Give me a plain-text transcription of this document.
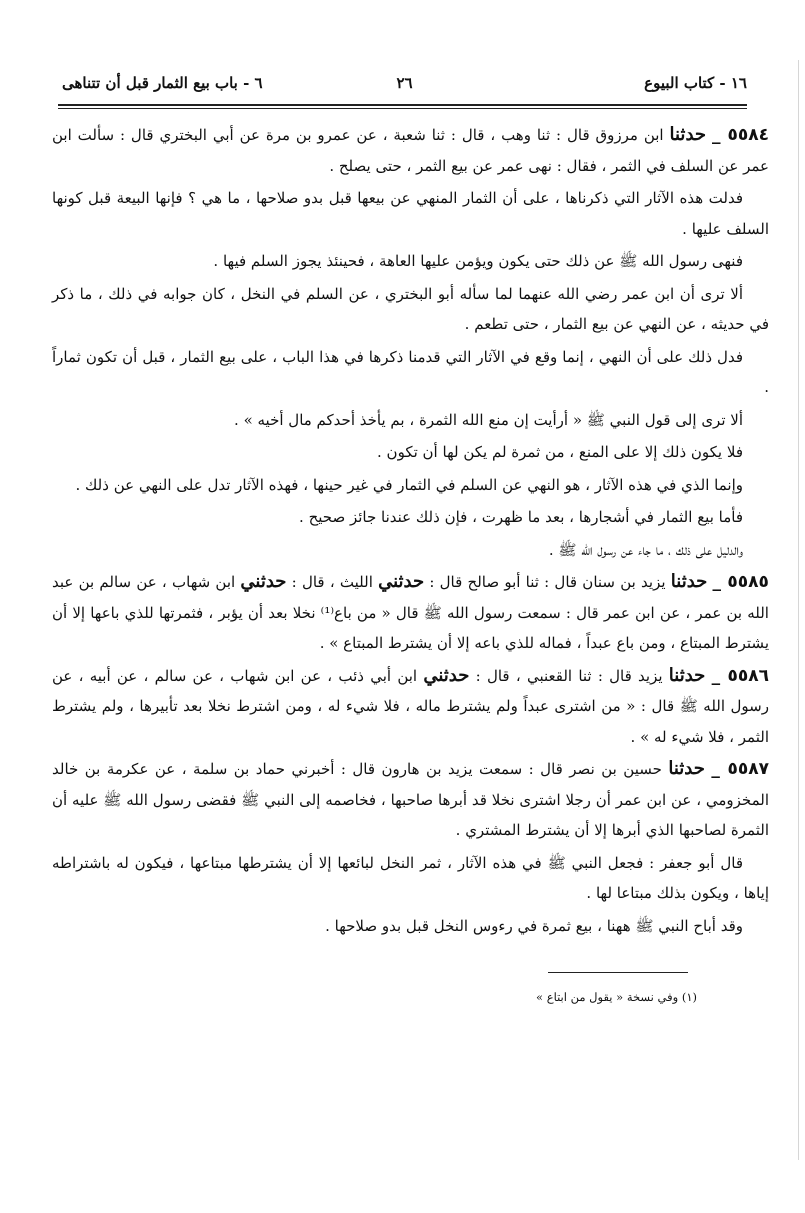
١٦ - كتاب البيوع
٢٦
٦ - باب بيع الثمار قبل أن تتناهى

٥٥٨٤ _ حدثنا ابن مرزوق قال : ثنا وهب ، قال : ثنا شعبة ، عن عمرو بن مرة عن أبي البختري قال : سألت ابن عمر عن السلف في الثمر ، فقال : نهى عمر عن بيع الثمر ، حتى يصلح .

فدلت هذه الآثار التي ذكرناها ، على أن الثمار المنهي عن بيعها قبل بدو صلاحها ، ما هي ؟ فإنها البيعة قبل كونها السلف عليها .

فنهى رسول الله ﷺ عن ذلك حتى يكون ويؤمن عليها العاهة ، فحينئذ يجوز السلم فيها .

ألا ترى أن ابن عمر رضي الله عنهما لما سأله أبو البختري ، عن السلم في النخل ، كان جوابه في ذلك ، ما ذكر في حديثه ، عن النهي عن بيع الثمار ، حتى تطعم .

فدل ذلك على أن النهي ، إنما وقع في الآثار التي قدمنا ذكرها في هذا الباب ، على بيع الثمار ، قبل أن تكون ثماراً .

ألا ترى إلى قول النبي ﷺ « أرأيت إن منع الله الثمرة ، بم يأخذ أحدكم مال أخيه » .

فلا يكون ذلك إلا على المنع ، من ثمرة لم يكن لها أن تكون .

وإنما الذي في هذه الآثار ، هو النهي عن السلم في الثمار في غير حينها ، فهذه الآثار تدل على النهي عن ذلك .

فأما بيع الثمار في أشجارها ، بعد ما ظهرت ، فإن ذلك عندنا جائز صحيح .

والدليل على ذلك ، ما جاء عن رسول الله ﷺ .

٥٥٨٥ _ حدثنا يزيد بن سنان قال : ثنا أبو صالح قال : حدثني الليث ، قال : حدثني ابن شهاب ، عن سالم بن عبد الله بن عمر ، عن ابن عمر قال : سمعت رسول الله ﷺ قال « من باع⁽¹⁾ نخلا بعد أن يؤبر ، فثمرتها للذي باعها إلا أن يشترط المبتاع ، ومن باع عبداً ، فماله للذي باعه إلا أن يشترط المبتاع » .

٥٥٨٦ _ حدثنا يزيد قال : ثنا القعنبي ، قال : حدثني ابن أبي ذئب ، عن ابن شهاب ، عن سالم ، عن أبيه ، عن رسول الله ﷺ قال : « من اشترى عبداً ولم يشترط ماله ، فلا شيء له ، ومن اشترط نخلا بعد تأبيرها ، ولم يشترط الثمر ، فلا شيء له » .

٥٥٨٧ _ حدثنا حسين بن نصر قال : سمعت يزيد بن هارون قال : أخبرني حماد بن سلمة ، عن عكرمة بن خالد المخزومي ، عن ابن عمر أن رجلا اشترى نخلا قد أبرها صاحبها ، فخاصمه إلى النبي ﷺ فقضى رسول الله ﷺ عليه أن الثمرة لصاحبها الذي أبرها إلا أن يشترط المشتري .

قال أبو جعفر : فجعل النبي ﷺ في هذه الآثار ، ثمر النخل لبائعها إلا أن يشترطها مبتاعها ، فيكون له باشتراطه إياها ، ويكون بذلك مبتاعا لها .

وقد أباح النبي ﷺ ههنا ، بيع ثمرة في رءوس النخل قبل بدو صلاحها .

(١) وفي نسخة « يقول من ابتاع »
